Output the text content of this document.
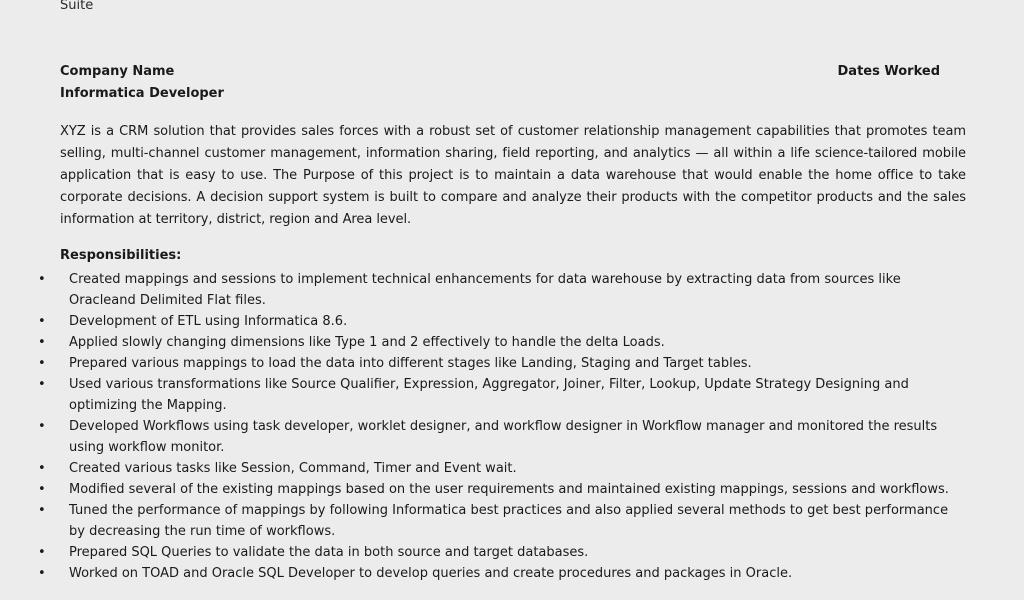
Suite
Company Name	Dates Worked
Informatica Developer
XYZ is a CRM solution that provides sales forces with a robust set of customer relationship management capabilities that promotes team selling, multi-channel customer management, information sharing, field reporting, and analytics — all within a life science-tailored mobile application that is easy to use. The Purpose of this project is to maintain a data warehouse that would enable the home office to take corporate decisions. A decision support system is built to compare and analyze their products with the competitor products and the sales information at territory, district, region and Area level.
Responsibilities:
• Created mappings and sessions to implement technical enhancements for data warehouse by extracting data from sources like Oracleand Delimited Flat files.
• Development of ETL using Informatica 8.6.
• Applied slowly changing dimensions like Type 1 and 2 effectively to handle the delta Loads.
• Prepared various mappings to load the data into different stages like Landing, Staging and Target tables.
• Used various transformations like Source Qualifier, Expression, Aggregator, Joiner, Filter, Lookup, Update Strategy Designing and optimizing the Mapping.
• Developed Workflows using task developer, worklet designer, and workflow designer in Workflow manager and monitored the results using workflow monitor.
• Created various tasks like Session, Command, Timer and Event wait.
• Modified several of the existing mappings based on the user requirements and maintained existing mappings, sessions and workflows.
• Tuned the performance of mappings by following Informatica best practices and also applied several methods to get best performance by decreasing the run time of workflows.
• Prepared SQL Queries to validate the data in both source and target databases.
• Worked on TOAD and Oracle SQL Developer to develop queries and create procedures and packages in Oracle.
